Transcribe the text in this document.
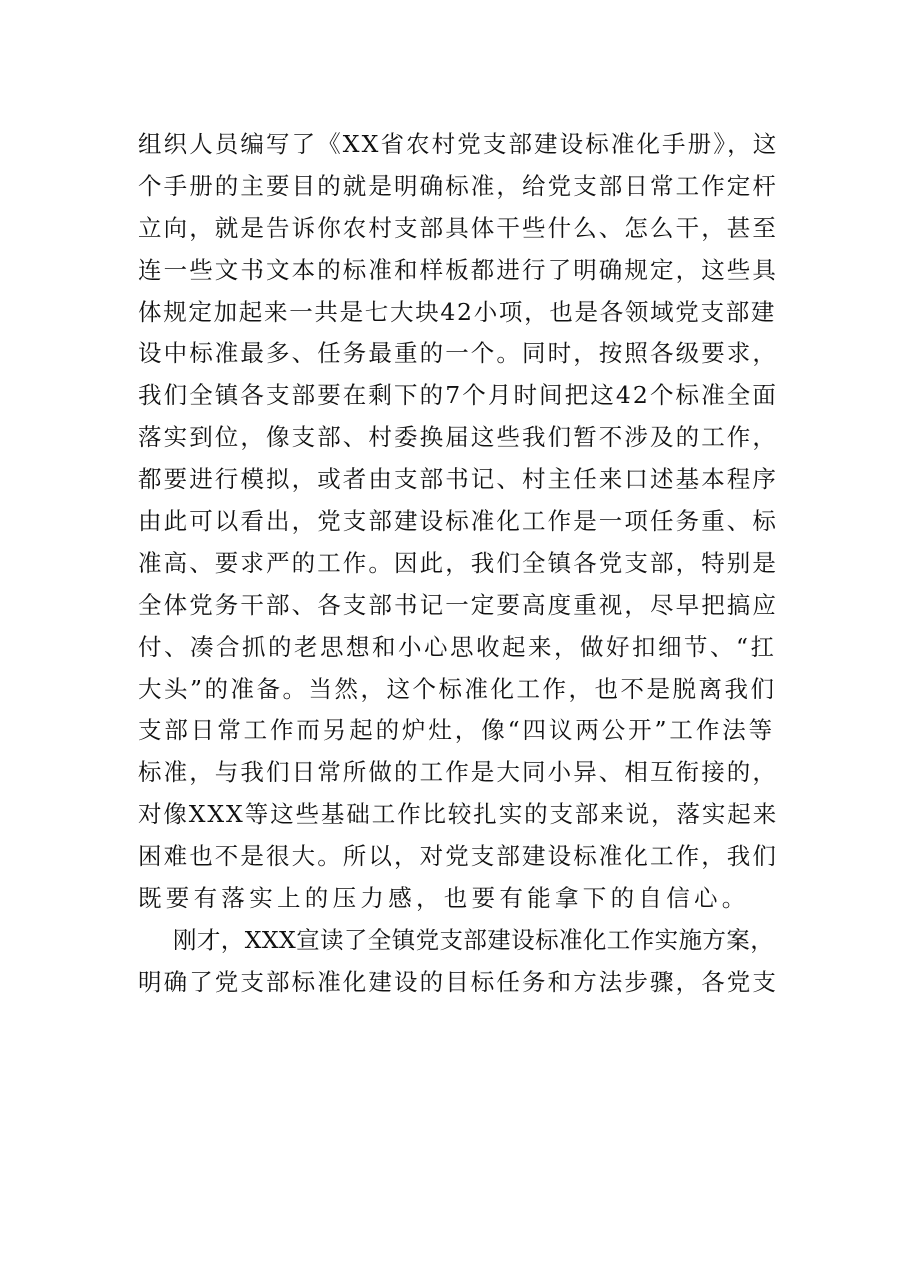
组织人员编写了《XX省农村党支部建设标准化手册》，这
个手册的主要目的就是明确标准，给党支部日常工作定杆
立向，就是告诉你农村支部具体干些什么、怎么干，甚至
连一些文书文本的标准和样板都进行了明确规定，这些具
体规定加起来一共是七大块42小项，也是各领域党支部建
设中标准最多、任务最重的一个。同时，按照各级要求，
我们全镇各支部要在剩下的7个月时间把这42个标准全面
落实到位，像支部、村委换届这些我们暂不涉及的工作，
都要进行模拟，或者由支部书记、村主任来口述基本程序
由此可以看出，党支部建设标准化工作是一项任务重、标
准高、要求严的工作。因此，我们全镇各党支部，特别是
全体党务干部、各支部书记一定要高度重视，尽早把搞应
付、凑合抓的老思想和小心思收起来，做好扣细节、“扛
大头”的准备。当然，这个标准化工作，也不是脱离我们
支部日常工作而另起的炉灶，像“四议两公开”工作法等
标准，与我们日常所做的工作是大同小异、相互衔接的，
对像XXX等这些基础工作比较扎实的支部来说，落实起来
困难也不是很大。所以，对党支部建设标准化工作，我们
既要有落实上的压力感，也要有能拿下的自信心。
刚才，XXX宣读了全镇党支部建设标准化工作实施方案，
明确了党支部标准化建设的目标任务和方法步骤，各党支
